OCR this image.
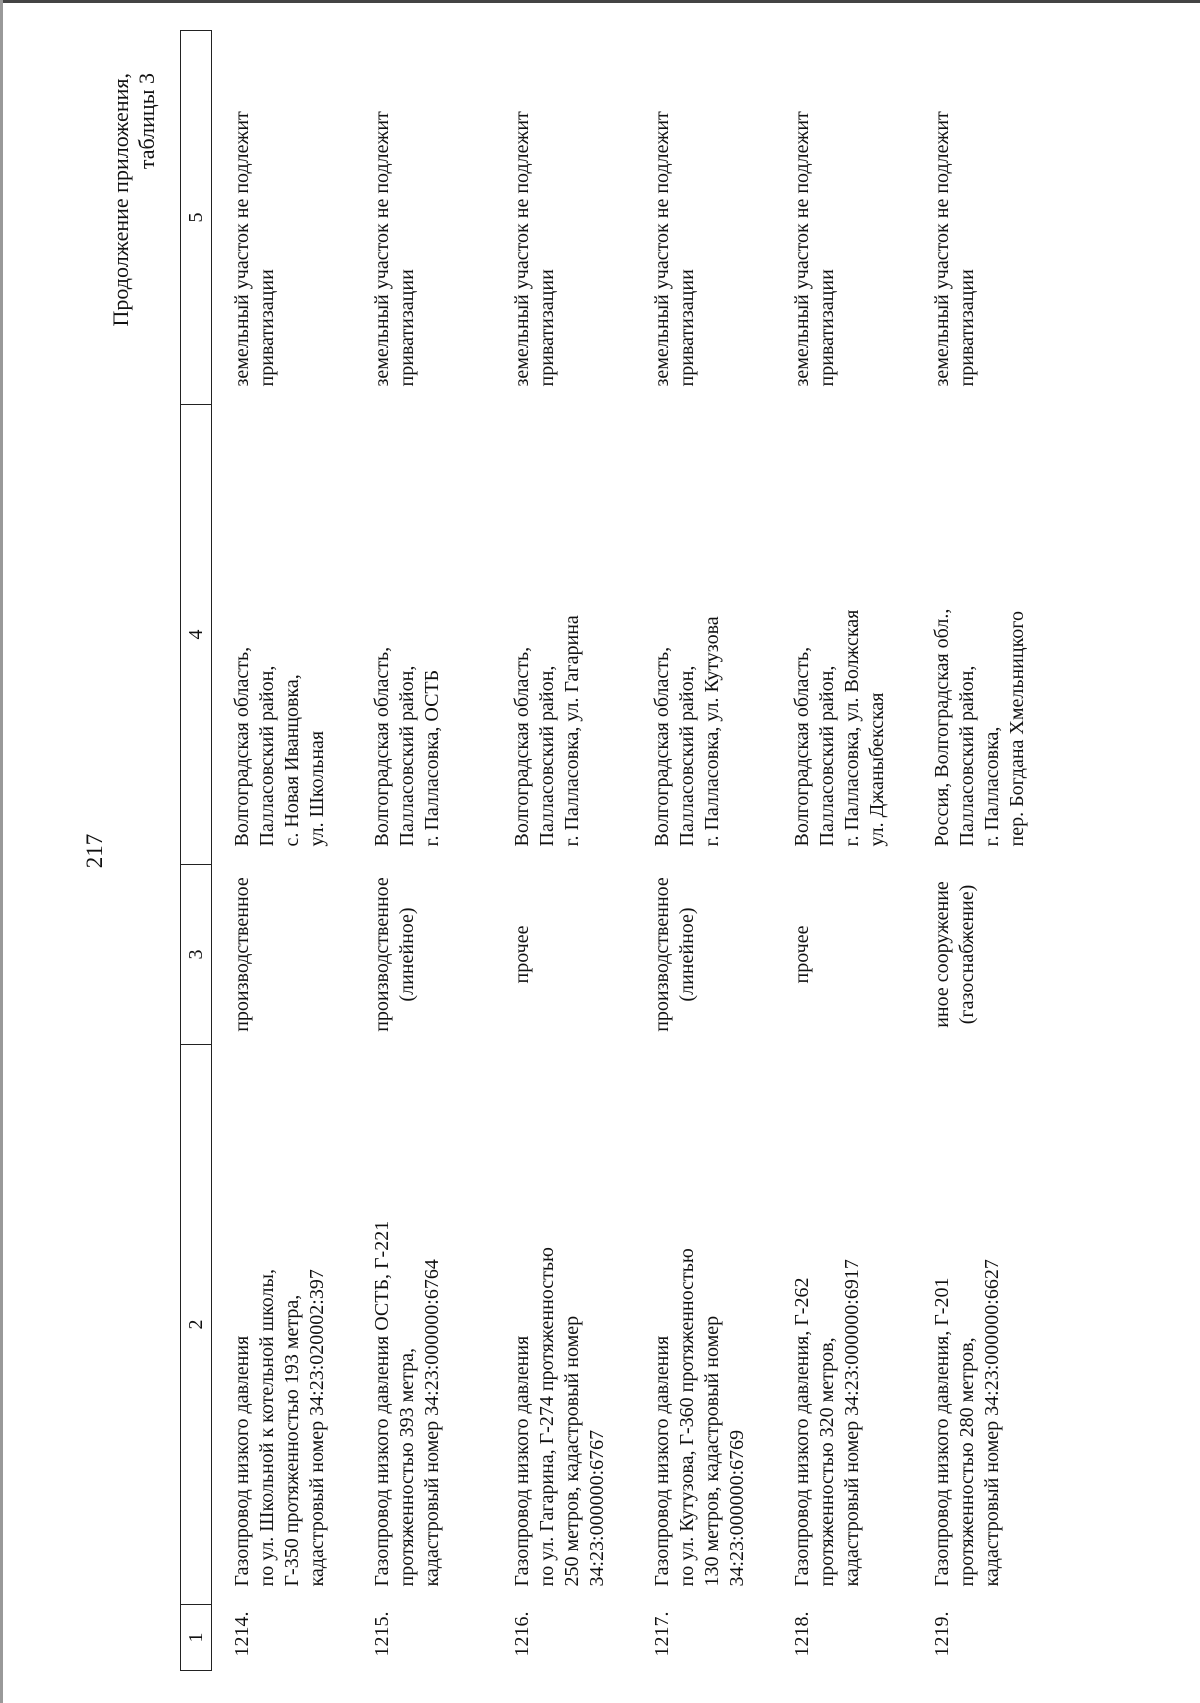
217
Продолжение приложения,
таблицы 3
1	2	3	4	5
1214.	Газопровод низкого давления
по ул. Школьной к котельной школы,
Г-350 протяженностью 193 метра,
кадастровый номер 34:23:020002:397	производственное	Волгоградская область,
Палласовский район,
с. Новая Иванцовка,
ул. Школьная	земельный участок не подлежит
приватизации
1215.	Газопровод низкого давления ОСТБ, Г-221
протяженностью 393 метра,
кадастровый номер 34:23:000000:6764	производственное
(линейное)	Волгоградская область,
Палласовский район,
г. Палласовка, ОСТБ	земельный участок не подлежит
приватизации
1216.	Газопровод низкого давления
по ул. Гагарина, Г-274 протяженностью
250 метров, кадастровый номер
34:23:000000:6767	прочее	Волгоградская область,
Палласовский район,
г. Палласовка, ул. Гагарина	земельный участок не подлежит
приватизации
1217.	Газопровод низкого давления
по ул. Кутузова, Г-360 протяженностью
130 метров, кадастровый номер
34:23:000000:6769	производственное
(линейное)	Волгоградская область,
Палласовский район,
г. Палласовка, ул. Кутузова	земельный участок не подлежит
приватизации
1218.	Газопровод низкого давления, Г-262
протяженностью 320 метров,
кадастровый номер 34:23:000000:6917	прочее	Волгоградская область,
Палласовский район,
г. Палласовка, ул. Волжская
ул. Джаныбекская	земельный участок не подлежит
приватизации
1219.	Газопровод низкого давления, Г-201
протяженностью 280 метров,
кадастровый номер 34:23:000000:6627	иное сооружение
(газоснабжение)	Россия, Волгоградская обл.,
Палласовский район,
г. Палласовка,
пер. Богдана Хмельницкого	земельный участок не подлежит
приватизации
